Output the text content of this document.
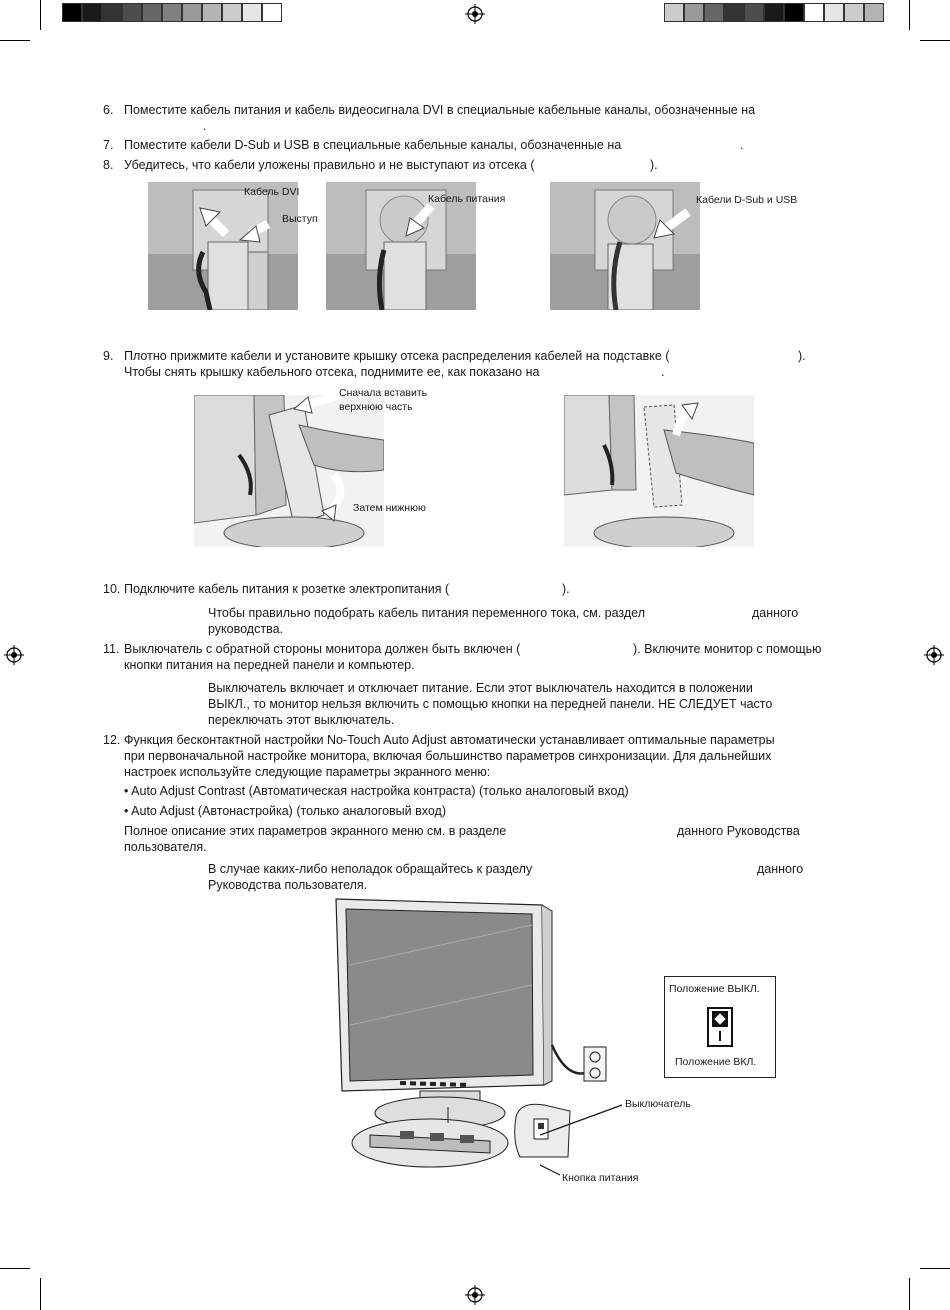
6. Поместите кабель питания и кабель видеосигнала DVI в специальные кабельные каналы, обозначенные на
.
7. Поместите кабели D-Sub и USB в специальные кабельные каналы, обозначенные на	.
8. Убедитесь, что кабели уложены правильно и не выступают из отсека (	).
Кабель DVI
Выступ
Кабель питания	Кабели D-Sub и USB
9. Плотно прижмите кабели и установите крышку отсека распределения кабелей на подставке (	).
Чтобы снять крышку кабельного отсека, поднимите ее, как показано на	.
Сначала вставить
верхнюю часть
Затем нижнюю
10. Подключите кабель питания к розетке электропитания (	).
Чтобы правильно подобрать кабель питания переменного тока, см. раздел	данного
руководства.
11. Выключатель с обратной стороны монитора должен быть включен (	). Включите монитор с помощью
кнопки питания на передней панели и компьютер.
Выключатель включает и отключает питание. Если этот выключатель находится в положении
ВЫКЛ., то монитор нельзя включить с помощью кнопки на передней панели. НЕ СЛЕДУЕТ часто
переключать этот выключатель.
12. Функция бесконтактной настройки No-Touch Auto Adjust автоматически устанавливает оптимальные параметры
при первоначальной настройке монитора, включая большинство параметров синхронизации. Для дальнейших
настроек используйте следующие параметры экранного меню:
• Auto Adjust Contrast (Автоматическая настройка контраста) (только аналоговый вход)
• Auto Adjust (Автонастройка) (только аналоговый вход)
Полное описание этих параметров экранного меню см. в разделе	данного Руководства
пользователя.
В случае каких-либо неполадок обращайтесь к разделу	данного
Руководства пользователя.
Положение ВЫКЛ.
Положение ВКЛ.
Выключатель
Кнопка питания
